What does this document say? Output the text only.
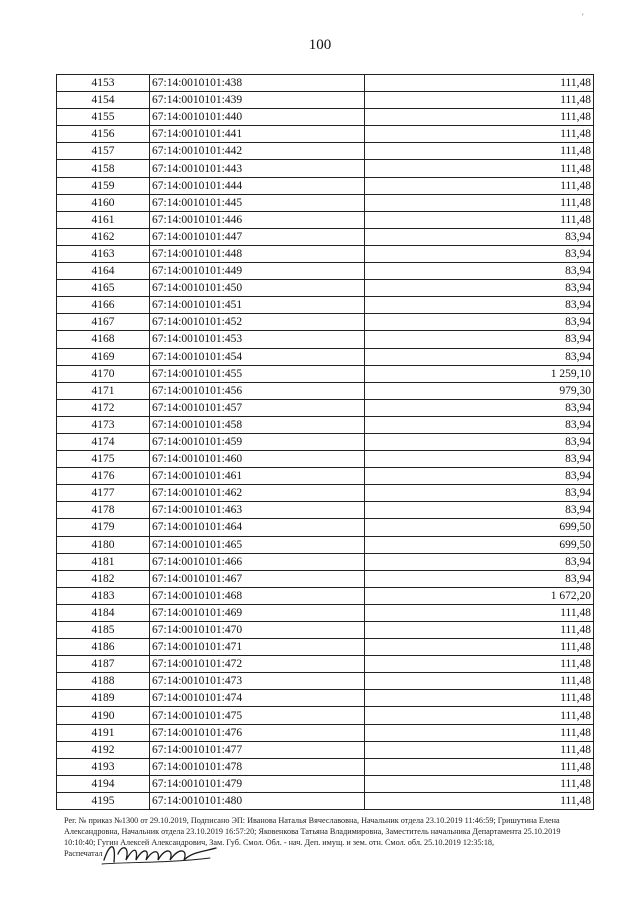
'
100
4153	67:14:0010101:438	111,48
4154	67:14:0010101:439	111,48
4155	67:14:0010101:440	111,48
4156	67:14:0010101:441	111,48
4157	67:14:0010101:442	111,48
4158	67:14:0010101:443	111,48
4159	67:14:0010101:444	111,48
4160	67:14:0010101:445	111,48
4161	67:14:0010101:446	111,48
4162	67:14:0010101:447	83,94
4163	67:14:0010101:448	83,94
4164	67:14:0010101:449	83,94
4165	67:14:0010101:450	83,94
4166	67:14:0010101:451	83,94
4167	67:14:0010101:452	83,94
4168	67:14:0010101:453	83,94
4169	67:14:0010101:454	83,94
4170	67:14:0010101:455	1 259,10
4171	67:14:0010101:456	979,30
4172	67:14:0010101:457	83,94
4173	67:14:0010101:458	83,94
4174	67:14:0010101:459	83,94
4175	67:14:0010101:460	83,94
4176	67:14:0010101:461	83,94
4177	67:14:0010101:462	83,94
4178	67:14:0010101:463	83,94
4179	67:14:0010101:464	699,50
4180	67:14:0010101:465	699,50
4181	67:14:0010101:466	83,94
4182	67:14:0010101:467	83,94
4183	67:14:0010101:468	1 672,20
4184	67:14:0010101:469	111,48
4185	67:14:0010101:470	111,48
4186	67:14:0010101:471	111,48
4187	67:14:0010101:472	111,48
4188	67:14:0010101:473	111,48
4189	67:14:0010101:474	111,48
4190	67:14:0010101:475	111,48
4191	67:14:0010101:476	111,48
4192	67:14:0010101:477	111,48
4193	67:14:0010101:478	111,48
4194	67:14:0010101:479	111,48
4195	67:14:0010101:480	111,48

Рег. № приказ №1300 от 29.10.2019, Подписано ЭП: Иванова Наталья Вячеславовна, Начальник отдела 23.10.2019 11:46:59; Гришутина Елена

Александровна, Начальник отдела 23.10.2019 16:57:20; Яковенкова Татьяна Владимировна, Заместитель начальника Департамента 25.10.2019

10:10:40; Гугин Алексей Александрович, Зам. Губ. Смол. Обл. - нач. Деп. имущ. и зем. отн. Смол. обл. 25.10.2019 12:35:18,

Распечатал
